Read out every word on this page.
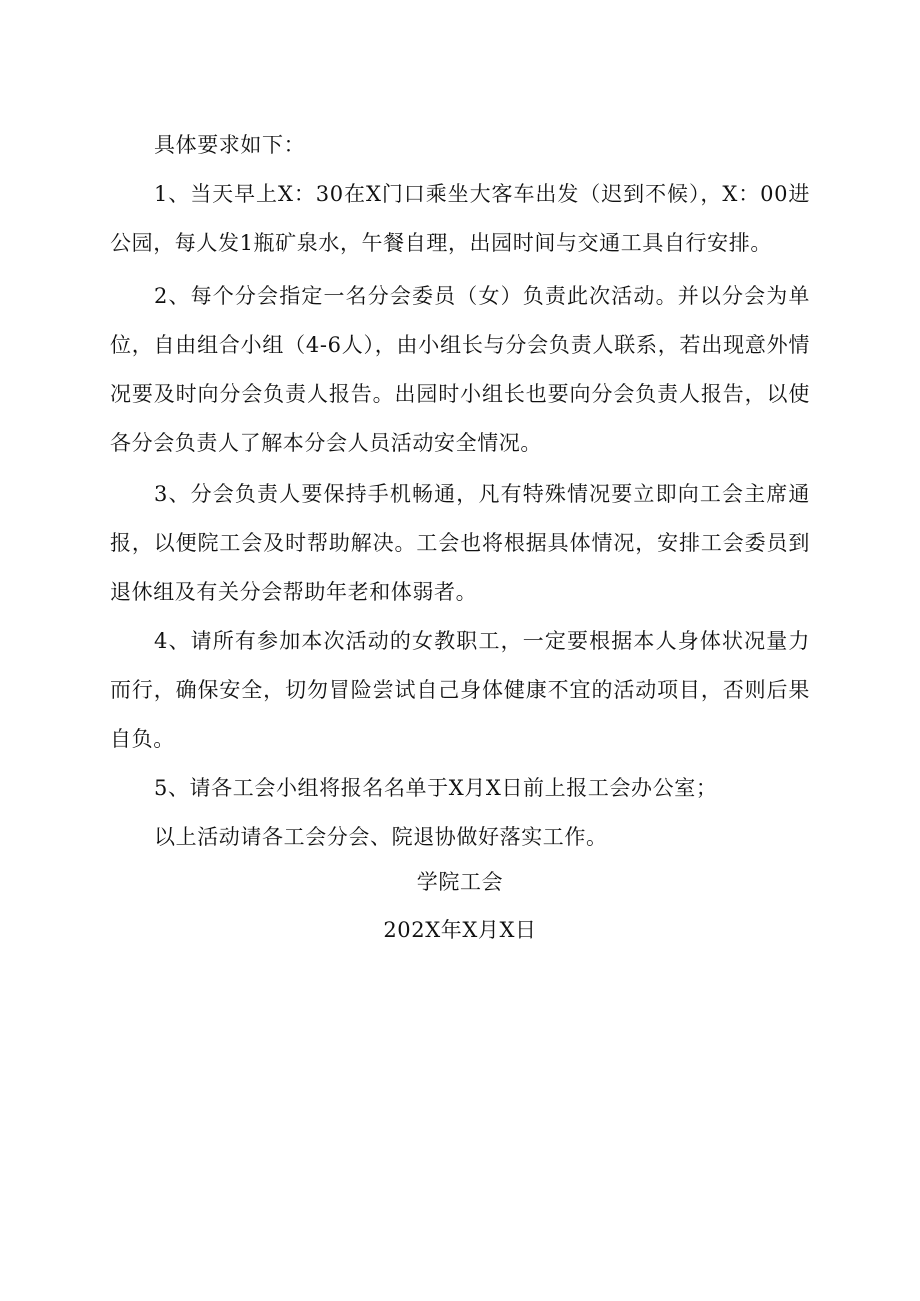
具体要求如下：

1、当天早上X：30在X门口乘坐大客车出发（迟到不候），X：00进公园，每人发1瓶矿泉水，午餐自理，出园时间与交通工具自行安排。

2、每个分会指定一名分会委员（女）负责此次活动。并以分会为单位，自由组合小组（4-6人），由小组长与分会负责人联系，若出现意外情况要及时向分会负责人报告。出园时小组长也要向分会负责人报告，以使各分会负责人了解本分会人员活动安全情况。

3、分会负责人要保持手机畅通，凡有特殊情况要立即向工会主席通报，以便院工会及时帮助解决。工会也将根据具体情况，安排工会委员到退休组及有关分会帮助年老和体弱者。

4、请所有参加本次活动的女教职工，一定要根据本人身体状况量力而行，确保安全，切勿冒险尝试自己身体健康不宜的活动项目，否则后果自负。

5、请各工会小组将报名名单于X月X日前上报工会办公室；

以上活动请各工会分会、院退协做好落实工作。

学院工会

202X年X月X日
